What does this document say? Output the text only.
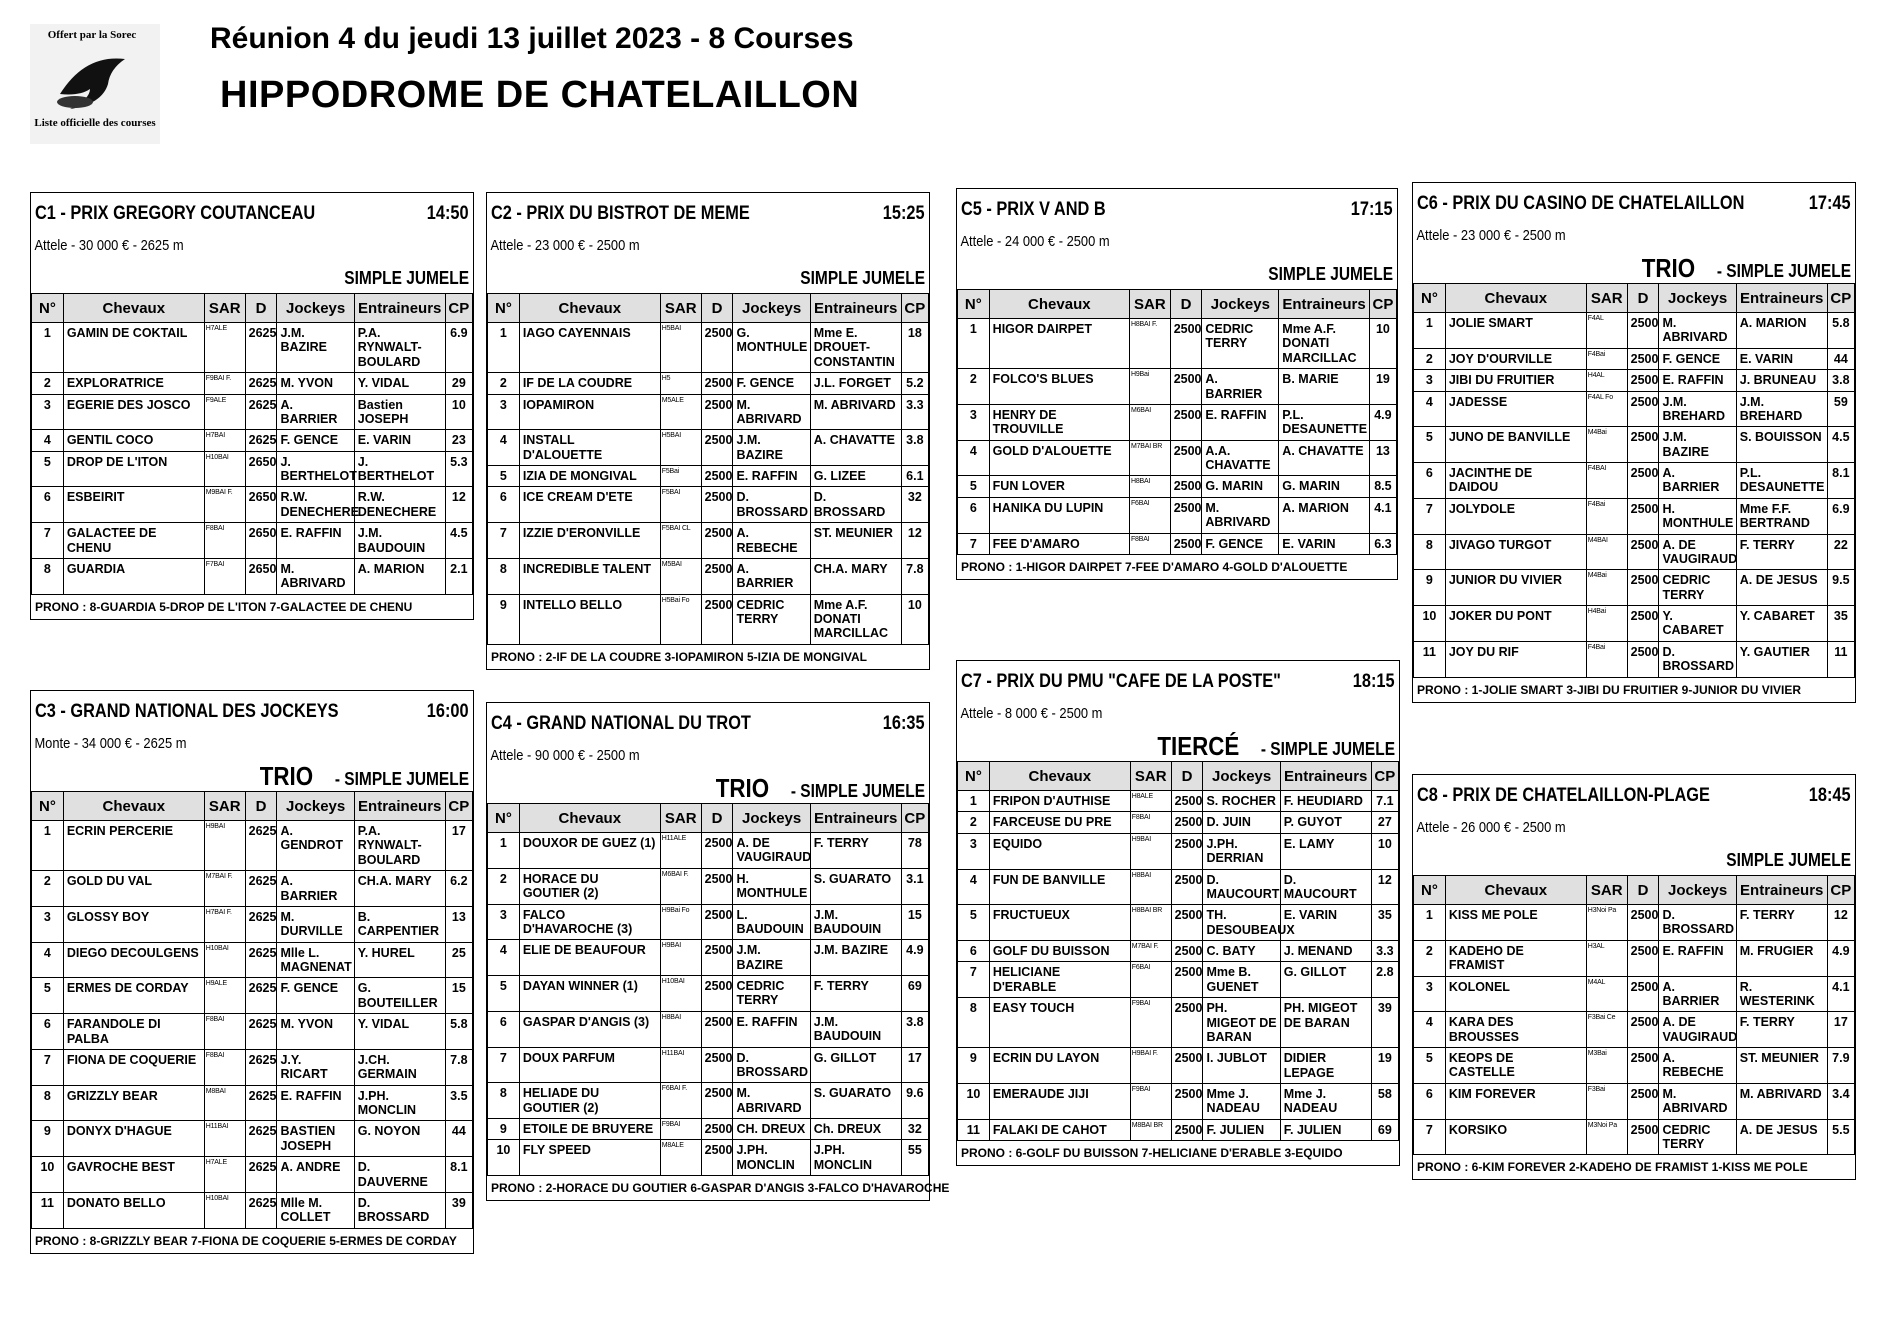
Offert par la Sorec
Liste officielle des courses
Réunion 4 du jeudi 13 juillet 2023 - 8 Courses
HIPPODROME DE CHATELAILLON
C1 - PRIX GREGORY COUTANCEAU	14:50
Attele - 30 000 € - 2625 m
SIMPLE JUMELE
N°	Chevaux	SAR	D	Jockeys	Entraineurs	CP
1	GAMIN DE COKTAIL	H7ALE	2625	J.M. BAZIRE	P.A. RYNWALT-BOULARD	6.9
2	EXPLORATRICE	F9BAI F.	2625	M. YVON	Y. VIDAL	29
3	EGERIE DES JOSCO	F9ALE	2625	A. BARRIER	Bastien JOSEPH	10
4	GENTIL COCO	H7BAI	2625	F. GENCE	E. VARIN	23
5	DROP DE L'ITON	H10BAI	2650	J. BERTHELOT	J. BERTHELOT	5.3
6	ESBEIRIT	M9BAI F.	2650	R.W. DENECHERE	R.W. DENECHERE	12
7	GALACTEE DE CHENU	F8BAI	2650	E. RAFFIN	J.M. BAUDOUIN	4.5
8	GUARDIA	F7BAI	2650	M. ABRIVARD	A. MARION	2.1
PRONO : 8-GUARDIA 5-DROP DE L'ITON 7-GALACTEE DE CHENU
C2 - PRIX DU BISTROT DE MEME	15:25
Attele - 23 000 € - 2500 m
SIMPLE JUMELE
N°	Chevaux	SAR	D	Jockeys	Entraineurs	CP
1	IAGO CAYENNAIS	H5BAI	2500	G. MONTHULE	Mme E. DROUET-CONSTANTIN	18
2	IF DE LA COUDRE	H5	2500	F. GENCE	J.L. FORGET	5.2
3	IOPAMIRON	M5ALE	2500	M. ABRIVARD	M. ABRIVARD	3.3
4	INSTALL D'ALOUETTE	H5BAI	2500	J.M. BAZIRE	A. CHAVATTE	3.8
5	IZIA DE MONGIVAL	F5Bai	2500	E. RAFFIN	G. LIZEE	6.1
6	ICE CREAM D'ETE	F5BAI	2500	D. BROSSARD	D. BROSSARD	32
7	IZZIE D'ERONVILLE	F5BAI CL	2500	A. REBECHE	ST. MEUNIER	12
8	INCREDIBLE TALENT	M5BAI	2500	A. BARRIER	CH.A. MARY	7.8
9	INTELLO BELLO	H5Bai Fo	2500	CEDRIC TERRY	Mme A.F. DONATI MARCILLAC	10
PRONO : 2-IF DE LA COUDRE 3-IOPAMIRON 5-IZIA DE MONGIVAL
C3 - GRAND NATIONAL DES JOCKEYS	16:00
Monte - 34 000 € - 2625 m
TRIO- SIMPLE JUMELE
N°	Chevaux	SAR	D	Jockeys	Entraineurs	CP
1	ECRIN PERCERIE	H9BAI	2625	A. GENDROT	P.A. RYNWALT-BOULARD	17
2	GOLD DU VAL	M7BAI F.	2625	A. BARRIER	CH.A. MARY	6.2
3	GLOSSY BOY	H7BAI F.	2625	M. DURVILLE	B. CARPENTIER	13
4	DIEGO DECOULGENS	H10BAI	2625	Mlle L. MAGNENAT	Y. HUREL	25
5	ERMES DE CORDAY	H9ALE	2625	F. GENCE	G. BOUTEILLER	15
6	FARANDOLE DI PALBA	F8BAI	2625	M. YVON	Y. VIDAL	5.8
7	FIONA DE COQUERIE	F8BAI	2625	J.Y. RICART	J.CH. GERMAIN	7.8
8	GRIZZLY BEAR	M8BAI	2625	E. RAFFIN	J.PH. MONCLIN	3.5
9	DONYX D'HAGUE	H11BAI	2625	BASTIEN JOSEPH	G. NOYON	44
10	GAVROCHE BEST	H7ALE	2625	A. ANDRE	D. DAUVERNE	8.1
11	DONATO BELLO	H10BAI	2625	Mlle M. COLLET	D. BROSSARD	39
PRONO : 8-GRIZZLY BEAR 7-FIONA DE COQUERIE 5-ERMES DE CORDAY
C4 - GRAND NATIONAL DU TROT	16:35
Attele - 90 000 € - 2500 m
TRIO- SIMPLE JUMELE
N°	Chevaux	SAR	D	Jockeys	Entraineurs	CP
1	DOUXOR DE GUEZ (1)	H11ALE	2500	A. DE VAUGIRAUD	F. TERRY	78
2	HORACE DU GOUTIER (2)	M6BAI F.	2500	H. MONTHULE	S. GUARATO	3.1
3	FALCO D'HAVAROCHE (3)	H9Bai Fo	2500	L. BAUDOUIN	J.M. BAUDOUIN	15
4	ELIE DE BEAUFOUR	H9BAI	2500	J.M. BAZIRE	J.M. BAZIRE	4.9
5	DAYAN WINNER (1)	H10BAI	2500	CEDRIC TERRY	F. TERRY	69
6	GASPAR D'ANGIS (3)	H8BAI	2500	E. RAFFIN	J.M. BAUDOUIN	3.8
7	DOUX PARFUM	H11BAI	2500	D. BROSSARD	G. GILLOT	17
8	HELIADE DU GOUTIER (2)	F6BAI F.	2500	M. ABRIVARD	S. GUARATO	9.6
9	ETOILE DE BRUYERE	F9BAI	2500	CH. DREUX	Ch. DREUX	32
10	FLY SPEED	M8ALE	2500	J.PH. MONCLIN	J.PH. MONCLIN	55
PRONO : 2-HORACE DU GOUTIER 6-GASPAR D'ANGIS 3-FALCO D'HAVAROCHE
C5 - PRIX V AND B	17:15
Attele - 24 000 € - 2500 m
SIMPLE JUMELE
N°	Chevaux	SAR	D	Jockeys	Entraineurs	CP
1	HIGOR DAIRPET	H8BAI F.	2500	CEDRIC TERRY	Mme A.F. DONATI MARCILLAC	10
2	FOLCO'S BLUES	H9Bai	2500	A. BARRIER	B. MARIE	19
3	HENRY DE TROUVILLE	M6BAI	2500	E. RAFFIN	P.L. DESAUNETTE	4.9
4	GOLD D'ALOUETTE	M7BAI BR	2500	A.A. CHAVATTE	A. CHAVATTE	13
5	FUN LOVER	H8BAI	2500	G. MARIN	G. MARIN	8.5
6	HANIKA DU LUPIN	F6BAI	2500	M. ABRIVARD	A. MARION	4.1
7	FEE D'AMARO	F8BAI	2500	F. GENCE	E. VARIN	6.3
PRONO : 1-HIGOR DAIRPET 7-FEE D'AMARO 4-GOLD D'ALOUETTE
C6 - PRIX DU CASINO DE CHATELAILLON	17:45
Attele - 23 000 € - 2500 m
TRIO- SIMPLE JUMELE
N°	Chevaux	SAR	D	Jockeys	Entraineurs	CP
1	JOLIE SMART	F4AL	2500	M. ABRIVARD	A. MARION	5.8
2	JOY D'OURVILLE	F4Bai	2500	F. GENCE	E. VARIN	44
3	JIBI DU FRUITIER	H4AL	2500	E. RAFFIN	J. BRUNEAU	3.8
4	JADESSE	F4AL Fo	2500	J.M. BREHARD	J.M. BREHARD	59
5	JUNO DE BANVILLE	M4Bai	2500	J.M. BAZIRE	S. BOUISSON	4.5
6	JACINTHE DE DAIDOU	F4BAI	2500	A. BARRIER	P.L. DESAUNETTE	8.1
7	JOLYDOLE	F4Bai	2500	H. MONTHULE	Mme F.F. BERTRAND	6.9
8	JIVAGO TURGOT	M4BAI	2500	A. DE VAUGIRAUD	F. TERRY	22
9	JUNIOR DU VIVIER	M4Bai	2500	CEDRIC TERRY	A. DE JESUS	9.5
10	JOKER DU PONT	H4Bai	2500	Y. CABARET	Y. CABARET	35
11	JOY DU RIF	F4Bai	2500	D. BROSSARD	Y. GAUTIER	11
PRONO : 1-JOLIE SMART 3-JIBI DU FRUITIER 9-JUNIOR DU VIVIER
C7 - PRIX DU PMU "CAFE DE LA POSTE"	18:15
Attele - 8 000 € - 2500 m
TIERCÉ- SIMPLE JUMELE
N°	Chevaux	SAR	D	Jockeys	Entraineurs	CP
1	FRIPON D'AUTHISE	H8ALE	2500	S. ROCHER	F. HEUDIARD	7.1
2	FARCEUSE DU PRE	F8BAI	2500	D. JUIN	P. GUYOT	27
3	EQUIDO	H9BAI	2500	J.PH. DERRIAN	E. LAMY	10
4	FUN DE BANVILLE	H8BAI	2500	D. MAUCOURT	D. MAUCOURT	12
5	FRUCTUEUX	H8BAI BR	2500	TH. DESOUBEAUX	E. VARIN	35
6	GOLF DU BUISSON	M7BAI F.	2500	C. BATY	J. MENAND	3.3
7	HELICIANE D'ERABLE	F6BAI	2500	Mme B. GUENET	G. GILLOT	2.8
8	EASY TOUCH	F9BAI	2500	PH. MIGEOT DE BARAN	PH. MIGEOT DE BARAN	39
9	ECRIN DU LAYON	H9BAI F.	2500	I. JUBLOT	DIDIER LEPAGE	19
10	EMERAUDE JIJI	F9BAI	2500	Mme J. NADEAU	Mme J. NADEAU	58
11	FALAKI DE CAHOT	M8BAI BR	2500	F. JULIEN	F. JULIEN	69
PRONO : 6-GOLF DU BUISSON 7-HELICIANE D'ERABLE 3-EQUIDO
C8 - PRIX DE CHATELAILLON-PLAGE	18:45
Attele - 26 000 € - 2500 m
SIMPLE JUMELE
N°	Chevaux	SAR	D	Jockeys	Entraineurs	CP
1	KISS ME POLE	H3Noi Pa	2500	D. BROSSARD	F. TERRY	12
2	KADEHO DE FRAMIST	H3AL	2500	E. RAFFIN	M. FRUGIER	4.9
3	KOLONEL	M4AL	2500	A. BARRIER	R. WESTERINK	4.1
4	KARA DES BROUSSES	F3Bai Ce	2500	A. DE VAUGIRAUD	F. TERRY	17
5	KEOPS DE CASTELLE	M3Bai	2500	A. REBECHE	ST. MEUNIER	7.9
6	KIM FOREVER	F3Bai	2500	M. ABRIVARD	M. ABRIVARD	3.4
7	KORSIKO	M3Noi Pa	2500	CEDRIC TERRY	A. DE JESUS	5.5
PRONO : 6-KIM FOREVER 2-KADEHO DE FRAMIST 1-KISS ME POLE
